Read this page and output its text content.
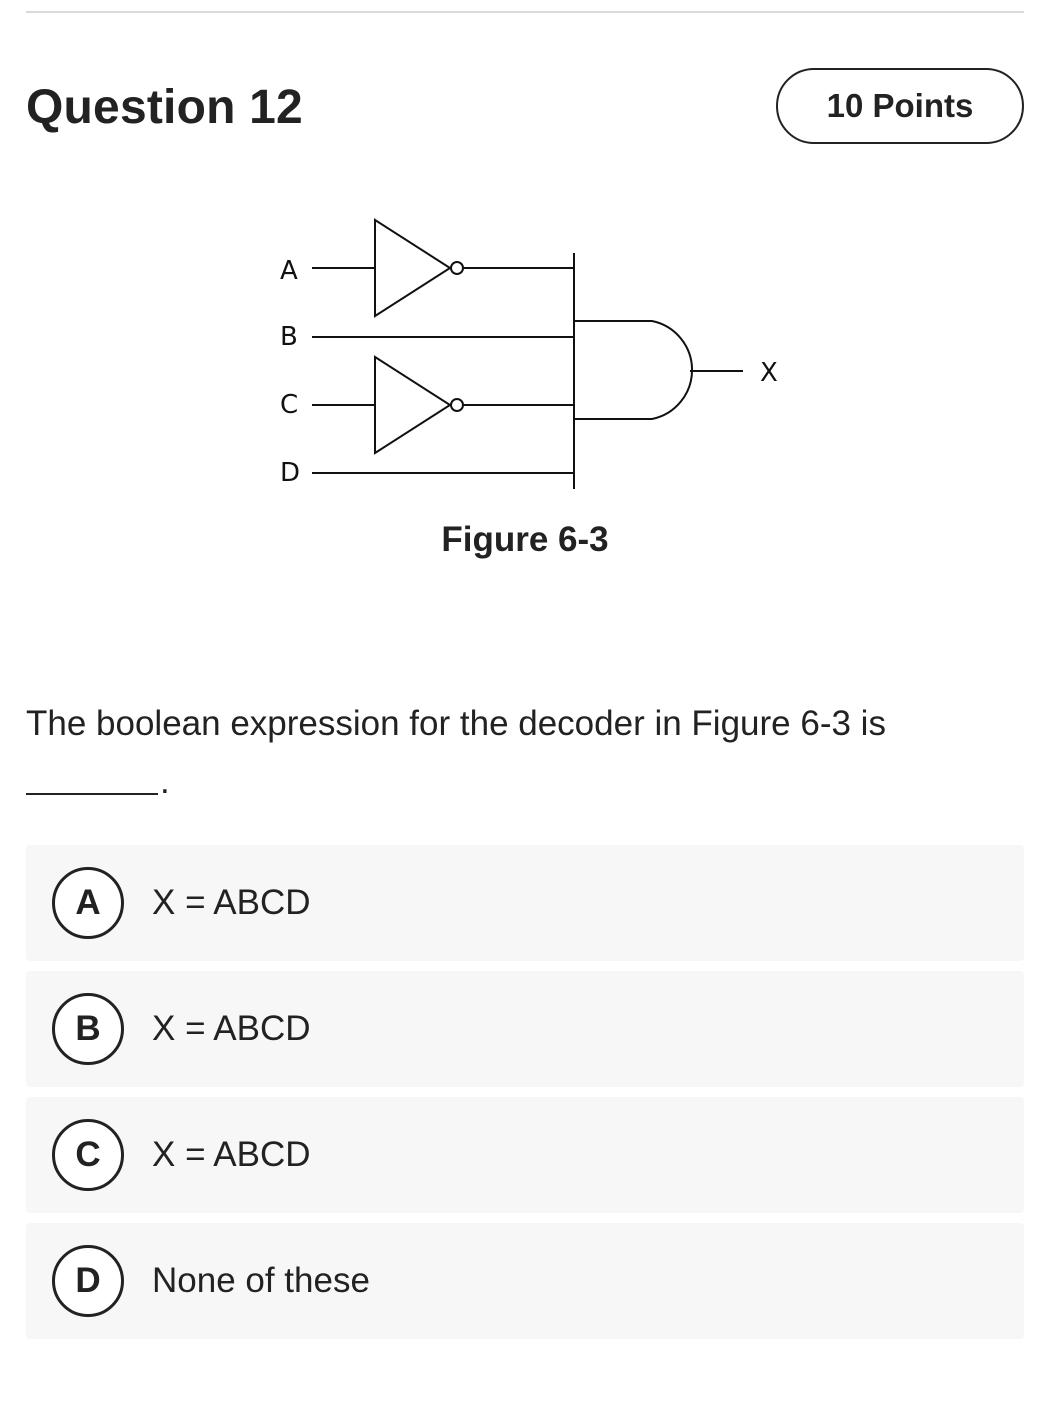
Question 12	10 Points
A
B
C
D
X
Figure 6-3
The boolean expression for the decoder in Figure 6-3 is
.
A	X = ABCD
B	X = ABCD
C	X = ABCD
D	None of these
